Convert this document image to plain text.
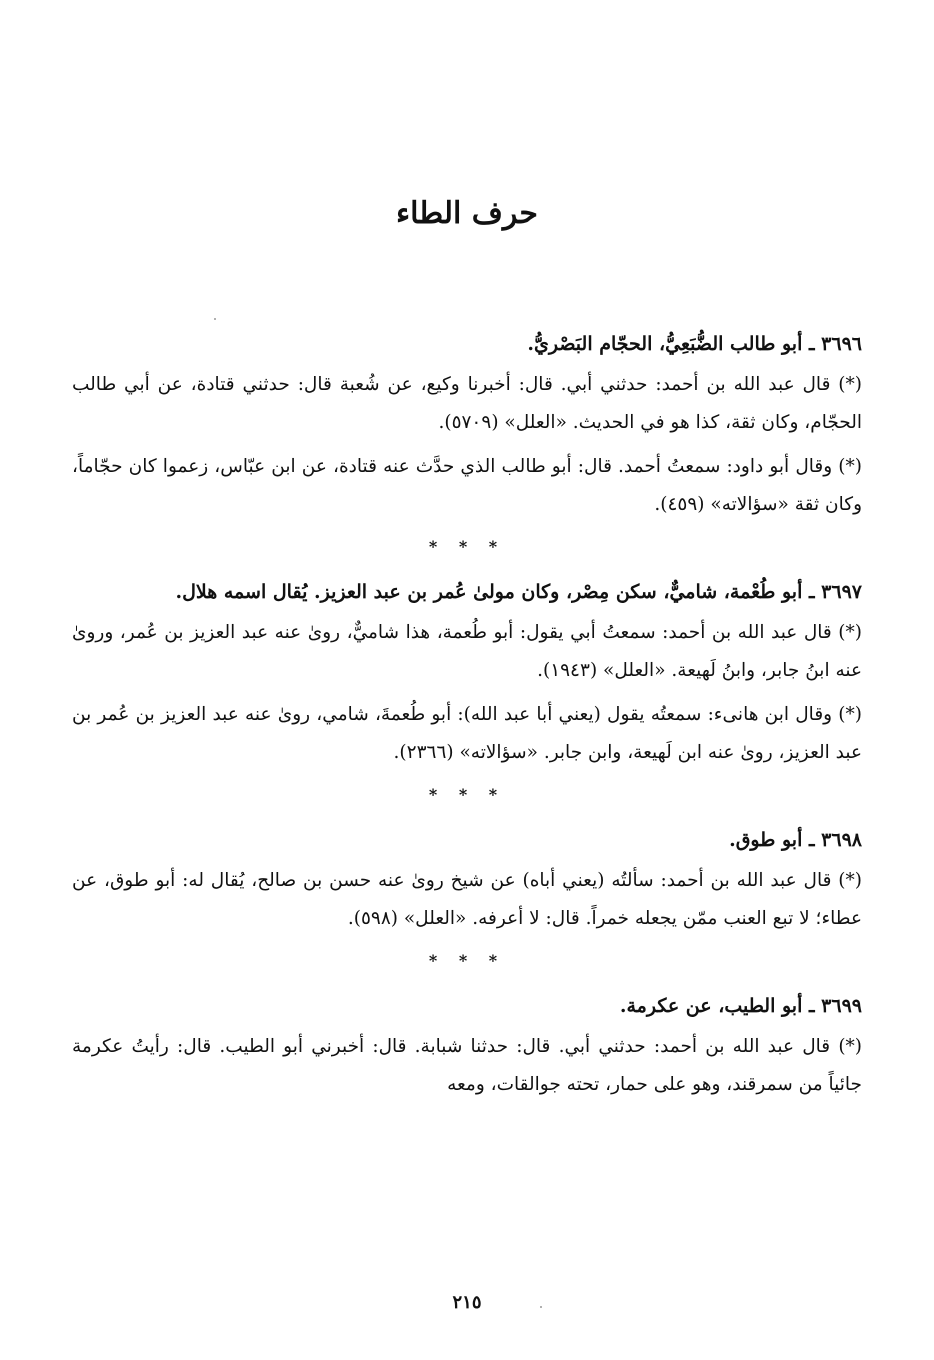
حرف الطاء

٣٦٩٦ ـ أبو طالب الضُّبَعِيُّ، الحجّام البَصْريُّ.

(*) قال عبد الله بن أحمد: حدثني أبي. قال: أخبرنا وكيع، عن شُعبة قال: حدثني قتادة، عن أبي طالب الحجّام، وكان ثقة، كذا هو في الحديث. «العلل» (٥٧٠٩).

(*) وقال أبو داود: سمعتُ أحمد. قال: أبو طالب الذي حدَّث عنه قتادة، عن ابن عبّاس، زعموا كان حجّاماً، وكان ثقة «سؤالاته» (٤٥٩).

* * *

٣٦٩٧ ـ أبو طُعْمة، شاميٌّ، سكن مِصْر، وكان مولىٰ عُمر بن عبد العزيز. يُقال اسمه هلال.

(*) قال عبد الله بن أحمد: سمعتُ أبي يقول: أبو طُعمة، هذا شاميٌّ، روىٰ عنه عبد العزيز بن عُمر، وروىٰ عنه ابنُ جابر، وابنُ لَهيعة. «العلل» (١٩٤٣).

(*) وقال ابن هانىء: سمعتُه يقول (يعني أبا عبد الله): أبو طُعمةَ، شامي، روىٰ عنه عبد العزيز بن عُمر بن عبد العزيز، روىٰ عنه ابن لَهيعة، وابن جابر. «سؤالاته» (٢٣٦٦).

* * *

٣٦٩٨ ـ أبو طوق.

(*) قال عبد الله بن أحمد: سألتُه (يعني أباه) عن شيخ روىٰ عنه حسن بن صالح، يُقال له: أبو طوق، عن عطاء؛ لا تبع العنب ممّن يجعله خمراً. قال: لا أعرفه. «العلل» (٥٩٨).

* * *

٣٦٩٩ ـ أبو الطيب، عن عكرمة.

(*) قال عبد الله بن أحمد: حدثني أبي. قال: حدثنا شبابة. قال: أخبرني أبو الطيب. قال: رأيتُ عكرمة جائياً من سمرقند، وهو على حمار، تحته جوالقات، ومعه

٢١٥
